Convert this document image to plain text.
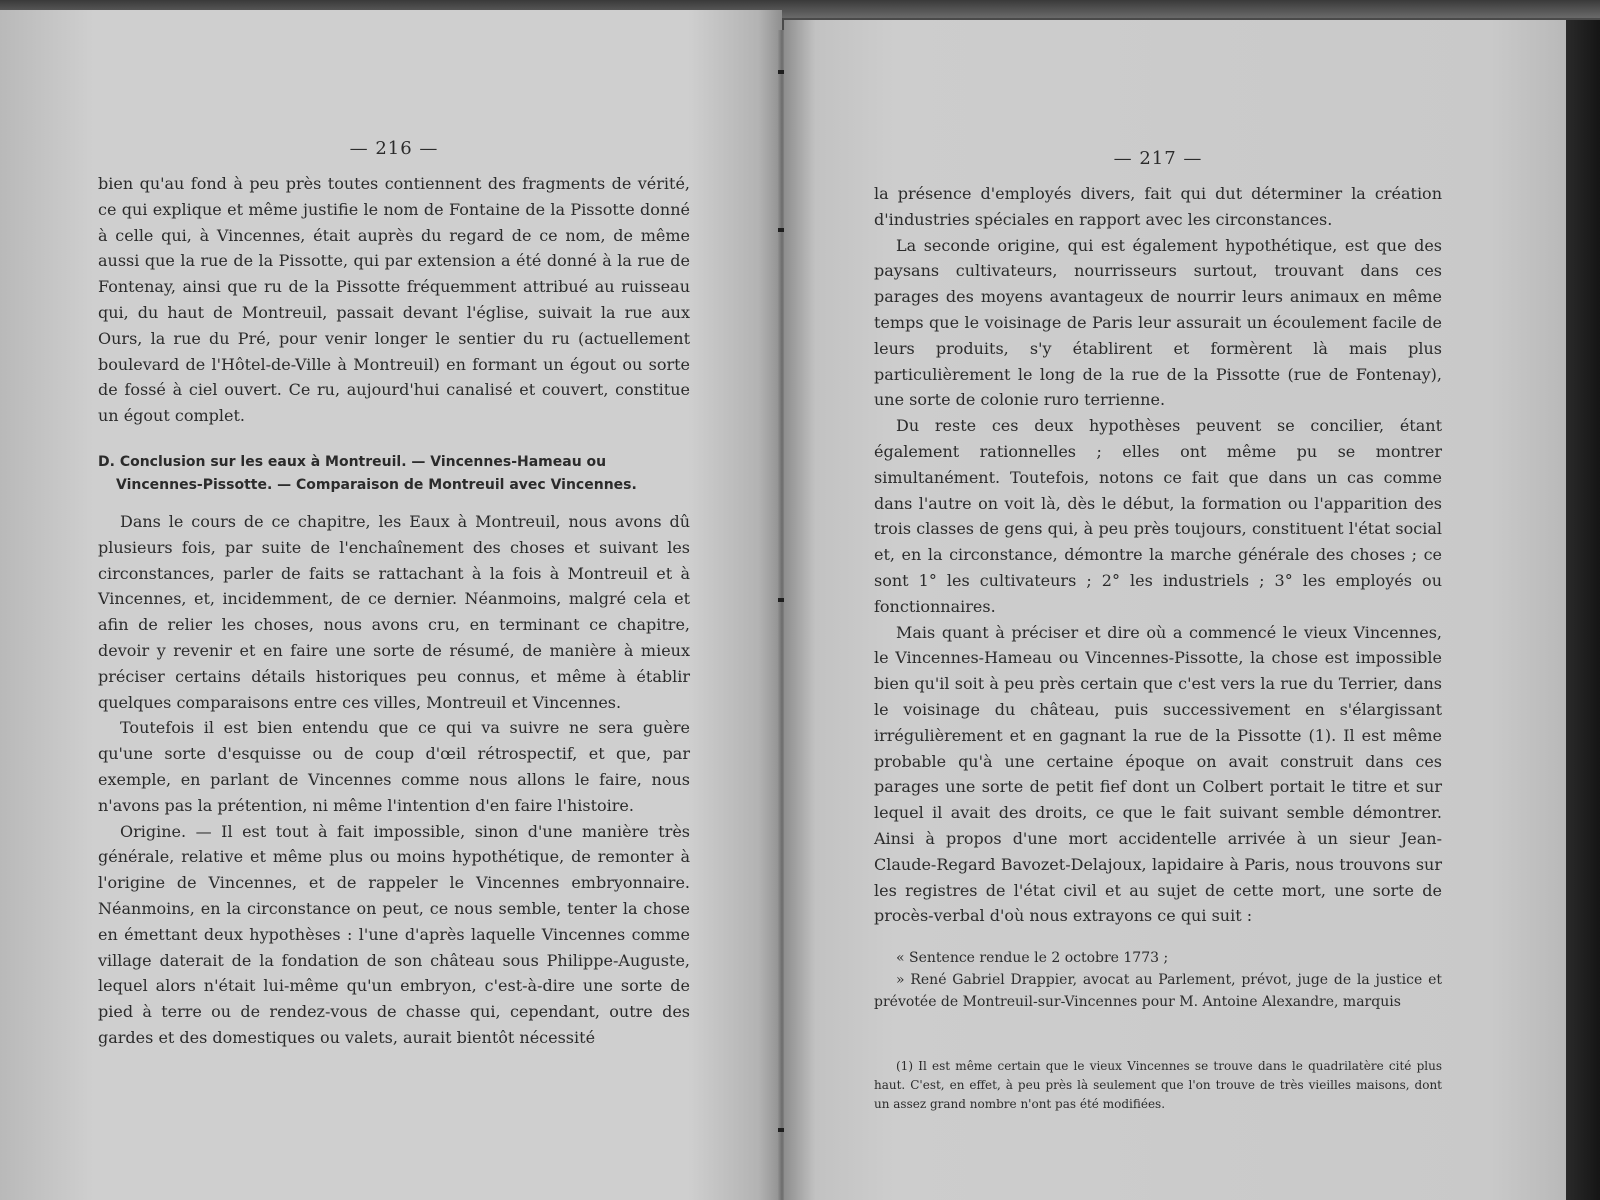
— 216 —

bien qu'au fond à peu près toutes contiennent des fragments de vérité, ce qui explique et même justifie le nom de Fontaine de la Pissotte donné à celle qui, à Vincennes, était auprès du regard de ce nom, de même aussi que la rue de la Pissotte, qui par extension a été donné à la rue de Fontenay, ainsi que ru de la Pissotte fréquemment attribué au ruisseau qui, du haut de Montreuil, passait devant l'église, suivait la rue aux Ours, la rue du Pré, pour venir longer le sentier du ru (actuellement boulevard de l'Hôtel-de-Ville à Montreuil) en formant un égout ou sorte de fossé à ciel ouvert. Ce ru, aujourd'hui canalisé et couvert, constitue un égout complet.

D. Conclusion sur les eaux à Montreuil. — Vincennes-Hameau ou
Vincennes-Pissotte. — Comparaison de Montreuil avec Vincennes.

Dans le cours de ce chapitre, les Eaux à Montreuil, nous avons dû plusieurs fois, par suite de l'enchaînement des choses et suivant les circonstances, parler de faits se rattachant à la fois à Montreuil et à Vincennes, et, incidemment, de ce dernier. Néanmoins, malgré cela et afin de relier les choses, nous avons cru, en terminant ce chapitre, devoir y revenir et en faire une sorte de résumé, de manière à mieux préciser certains détails historiques peu connus, et même à établir quelques comparaisons entre ces villes, Montreuil et Vincennes.

Toutefois il est bien entendu que ce qui va suivre ne sera guère qu'une sorte d'esquisse ou de coup d'œil rétrospectif, et que, par exemple, en parlant de Vincennes comme nous allons le faire, nous n'avons pas la prétention, ni même l'intention d'en faire l'histoire.

Origine. — Il est tout à fait impossible, sinon d'une manière très générale, relative et même plus ou moins hypothétique, de remonter à l'origine de Vincennes, et de rappeler le Vincennes embryonnaire. Néanmoins, en la circonstance on peut, ce nous semble, tenter la chose en émettant deux hypothèses : l'une d'après laquelle Vincennes comme village daterait de la fondation de son château sous Philippe-Auguste, lequel alors n'était lui-même qu'un embryon, c'est-à-dire une sorte de pied à terre ou de rendez-vous de chasse qui, cependant, outre des gardes et des domestiques ou valets, aurait bientôt nécessité

— 217 —

la présence d'employés divers, fait qui dut déterminer la création d'industries spéciales en rapport avec les circonstances.

La seconde origine, qui est également hypothétique, est que des paysans cultivateurs, nourrisseurs surtout, trouvant dans ces parages des moyens avantageux de nourrir leurs animaux en même temps que le voisinage de Paris leur assurait un écoulement facile de leurs produits, s'y établirent et formèrent là mais plus particulièrement le long de la rue de la Pissotte (rue de Fontenay), une sorte de colonie ruro terrienne.

Du reste ces deux hypothèses peuvent se concilier, étant également rationnelles ; elles ont même pu se montrer simultanément. Toutefois, notons ce fait que dans un cas comme dans l'autre on voit là, dès le début, la formation ou l'apparition des trois classes de gens qui, à peu près toujours, constituent l'état social et, en la circonstance, démontre la marche générale des choses ; ce sont 1° les cultivateurs ; 2° les industriels ; 3° les employés ou fonctionnaires.

Mais quant à préciser et dire où a commencé le vieux Vincennes, le Vincennes-Hameau ou Vincennes-Pissotte, la chose est impossible bien qu'il soit à peu près certain que c'est vers la rue du Terrier, dans le voisinage du château, puis successivement en s'élargissant irrégulièrement et en gagnant la rue de la Pissotte (1). Il est même probable qu'à une certaine époque on avait construit dans ces parages une sorte de petit fief dont un Colbert portait le titre et sur lequel il avait des droits, ce que le fait suivant semble démontrer. Ainsi à propos d'une mort accidentelle arrivée à un sieur Jean-Claude-Regard Bavozet-Delajoux, lapidaire à Paris, nous trouvons sur les registres de l'état civil et au sujet de cette mort, une sorte de procès-verbal d'où nous extrayons ce qui suit :

« Sentence rendue le 2 octobre 1773 ;

» René Gabriel Drappier, avocat au Parlement, prévot, juge de la justice et prévotée de Montreuil-sur-Vincennes pour M. Antoine Alexandre, marquis

(1) Il est même certain que le vieux Vincennes se trouve dans le quadrilatère cité plus haut. C'est, en effet, à peu près là seulement que l'on trouve de très vieilles maisons, dont un assez grand nombre n'ont pas été modifiées.
